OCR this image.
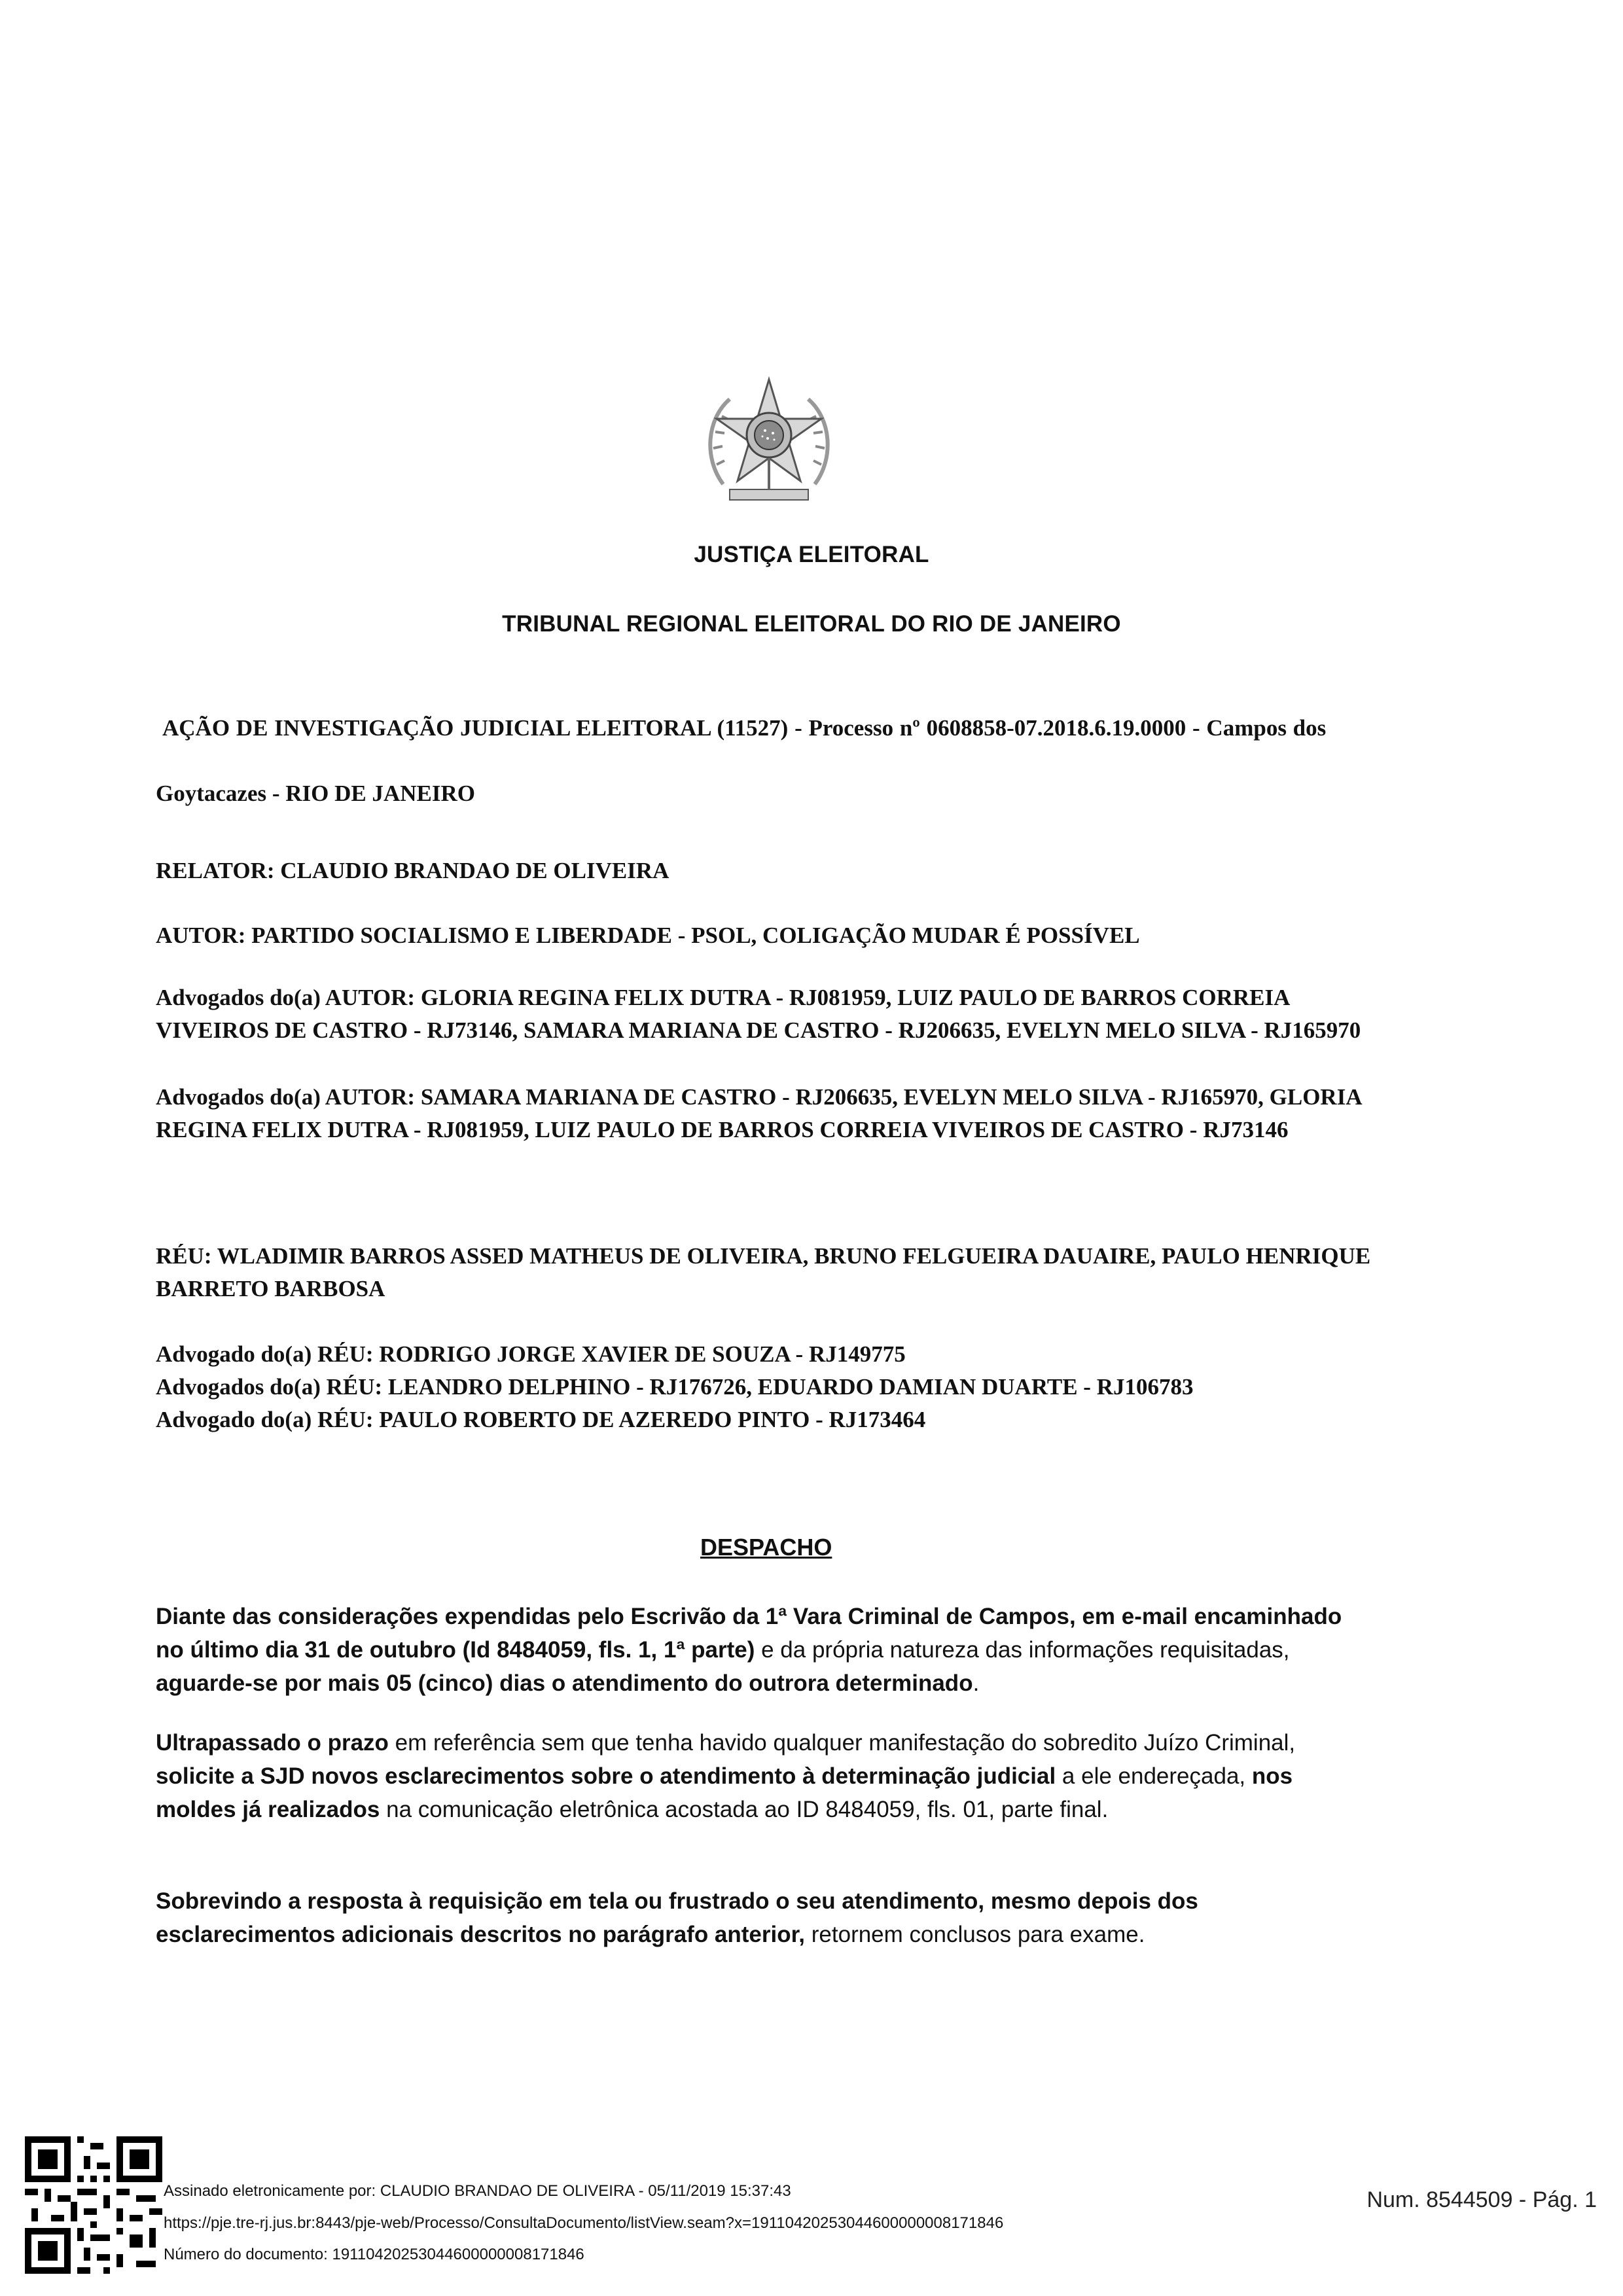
JUSTIÇA ELEITORAL
TRIBUNAL REGIONAL ELEITORAL DO RIO DE JANEIRO
AÇÃO DE INVESTIGAÇÃO JUDICIAL ELEITORAL (11527) - Processo nº 0608858-07.2018.6.19.0000 - Campos dos
Goytacazes - RIO DE JANEIRO
RELATOR: CLAUDIO BRANDAO DE OLIVEIRA
AUTOR: PARTIDO SOCIALISMO E LIBERDADE - PSOL, COLIGAÇÃO MUDAR É POSSÍVEL
Advogados do(a) AUTOR: GLORIA REGINA FELIX DUTRA - RJ081959, LUIZ PAULO DE BARROS CORREIA VIVEIROS DE CASTRO - RJ73146, SAMARA MARIANA DE CASTRO - RJ206635, EVELYN MELO SILVA - RJ165970
Advogados do(a) AUTOR: SAMARA MARIANA DE CASTRO - RJ206635, EVELYN MELO SILVA - RJ165970, GLORIA REGINA FELIX DUTRA - RJ081959, LUIZ PAULO DE BARROS CORREIA VIVEIROS DE CASTRO - RJ73146
RÉU: WLADIMIR BARROS ASSED MATHEUS DE OLIVEIRA, BRUNO FELGUEIRA DAUAIRE, PAULO HENRIQUE BARRETO BARBOSA
Advogado do(a) RÉU: RODRIGO JORGE XAVIER DE SOUZA - RJ149775
Advogados do(a) RÉU: LEANDRO DELPHINO - RJ176726, EDUARDO DAMIAN DUARTE - RJ106783
Advogado do(a) RÉU: PAULO ROBERTO DE AZEREDO PINTO - RJ173464
DESPACHO
Diante das considerações expendidas pelo Escrivão da 1ª Vara Criminal de Campos, em e-mail encaminhado no último dia 31 de outubro (Id 8484059, fls. 1, 1ª parte) e da própria natureza das informações requisitadas, aguarde-se por mais 05 (cinco) dias o atendimento do outrora determinado.
Ultrapassado o prazo em referência sem que tenha havido qualquer manifestação do sobredito Juízo Criminal, solicite a SJD novos esclarecimentos sobre o atendimento à determinação judicial a ele endereçada, nos moldes já realizados na comunicação eletrônica acostada ao ID 8484059, fls. 01, parte final.
Sobrevindo a resposta à requisição em tela ou frustrado o seu atendimento, mesmo depois dos esclarecimentos adicionais descritos no parágrafo anterior, retornem conclusos para exame.
Assinado eletronicamente por: CLAUDIO BRANDAO DE OLIVEIRA - 05/11/2019 15:37:43
https://pje.tre-rj.jus.br:8443/pje-web/Processo/ConsultaDocumento/listView.seam?x=19110420253044600000008171846
Número do documento: 19110420253044600000008171846
Num. 8544509 - Pág. 1
